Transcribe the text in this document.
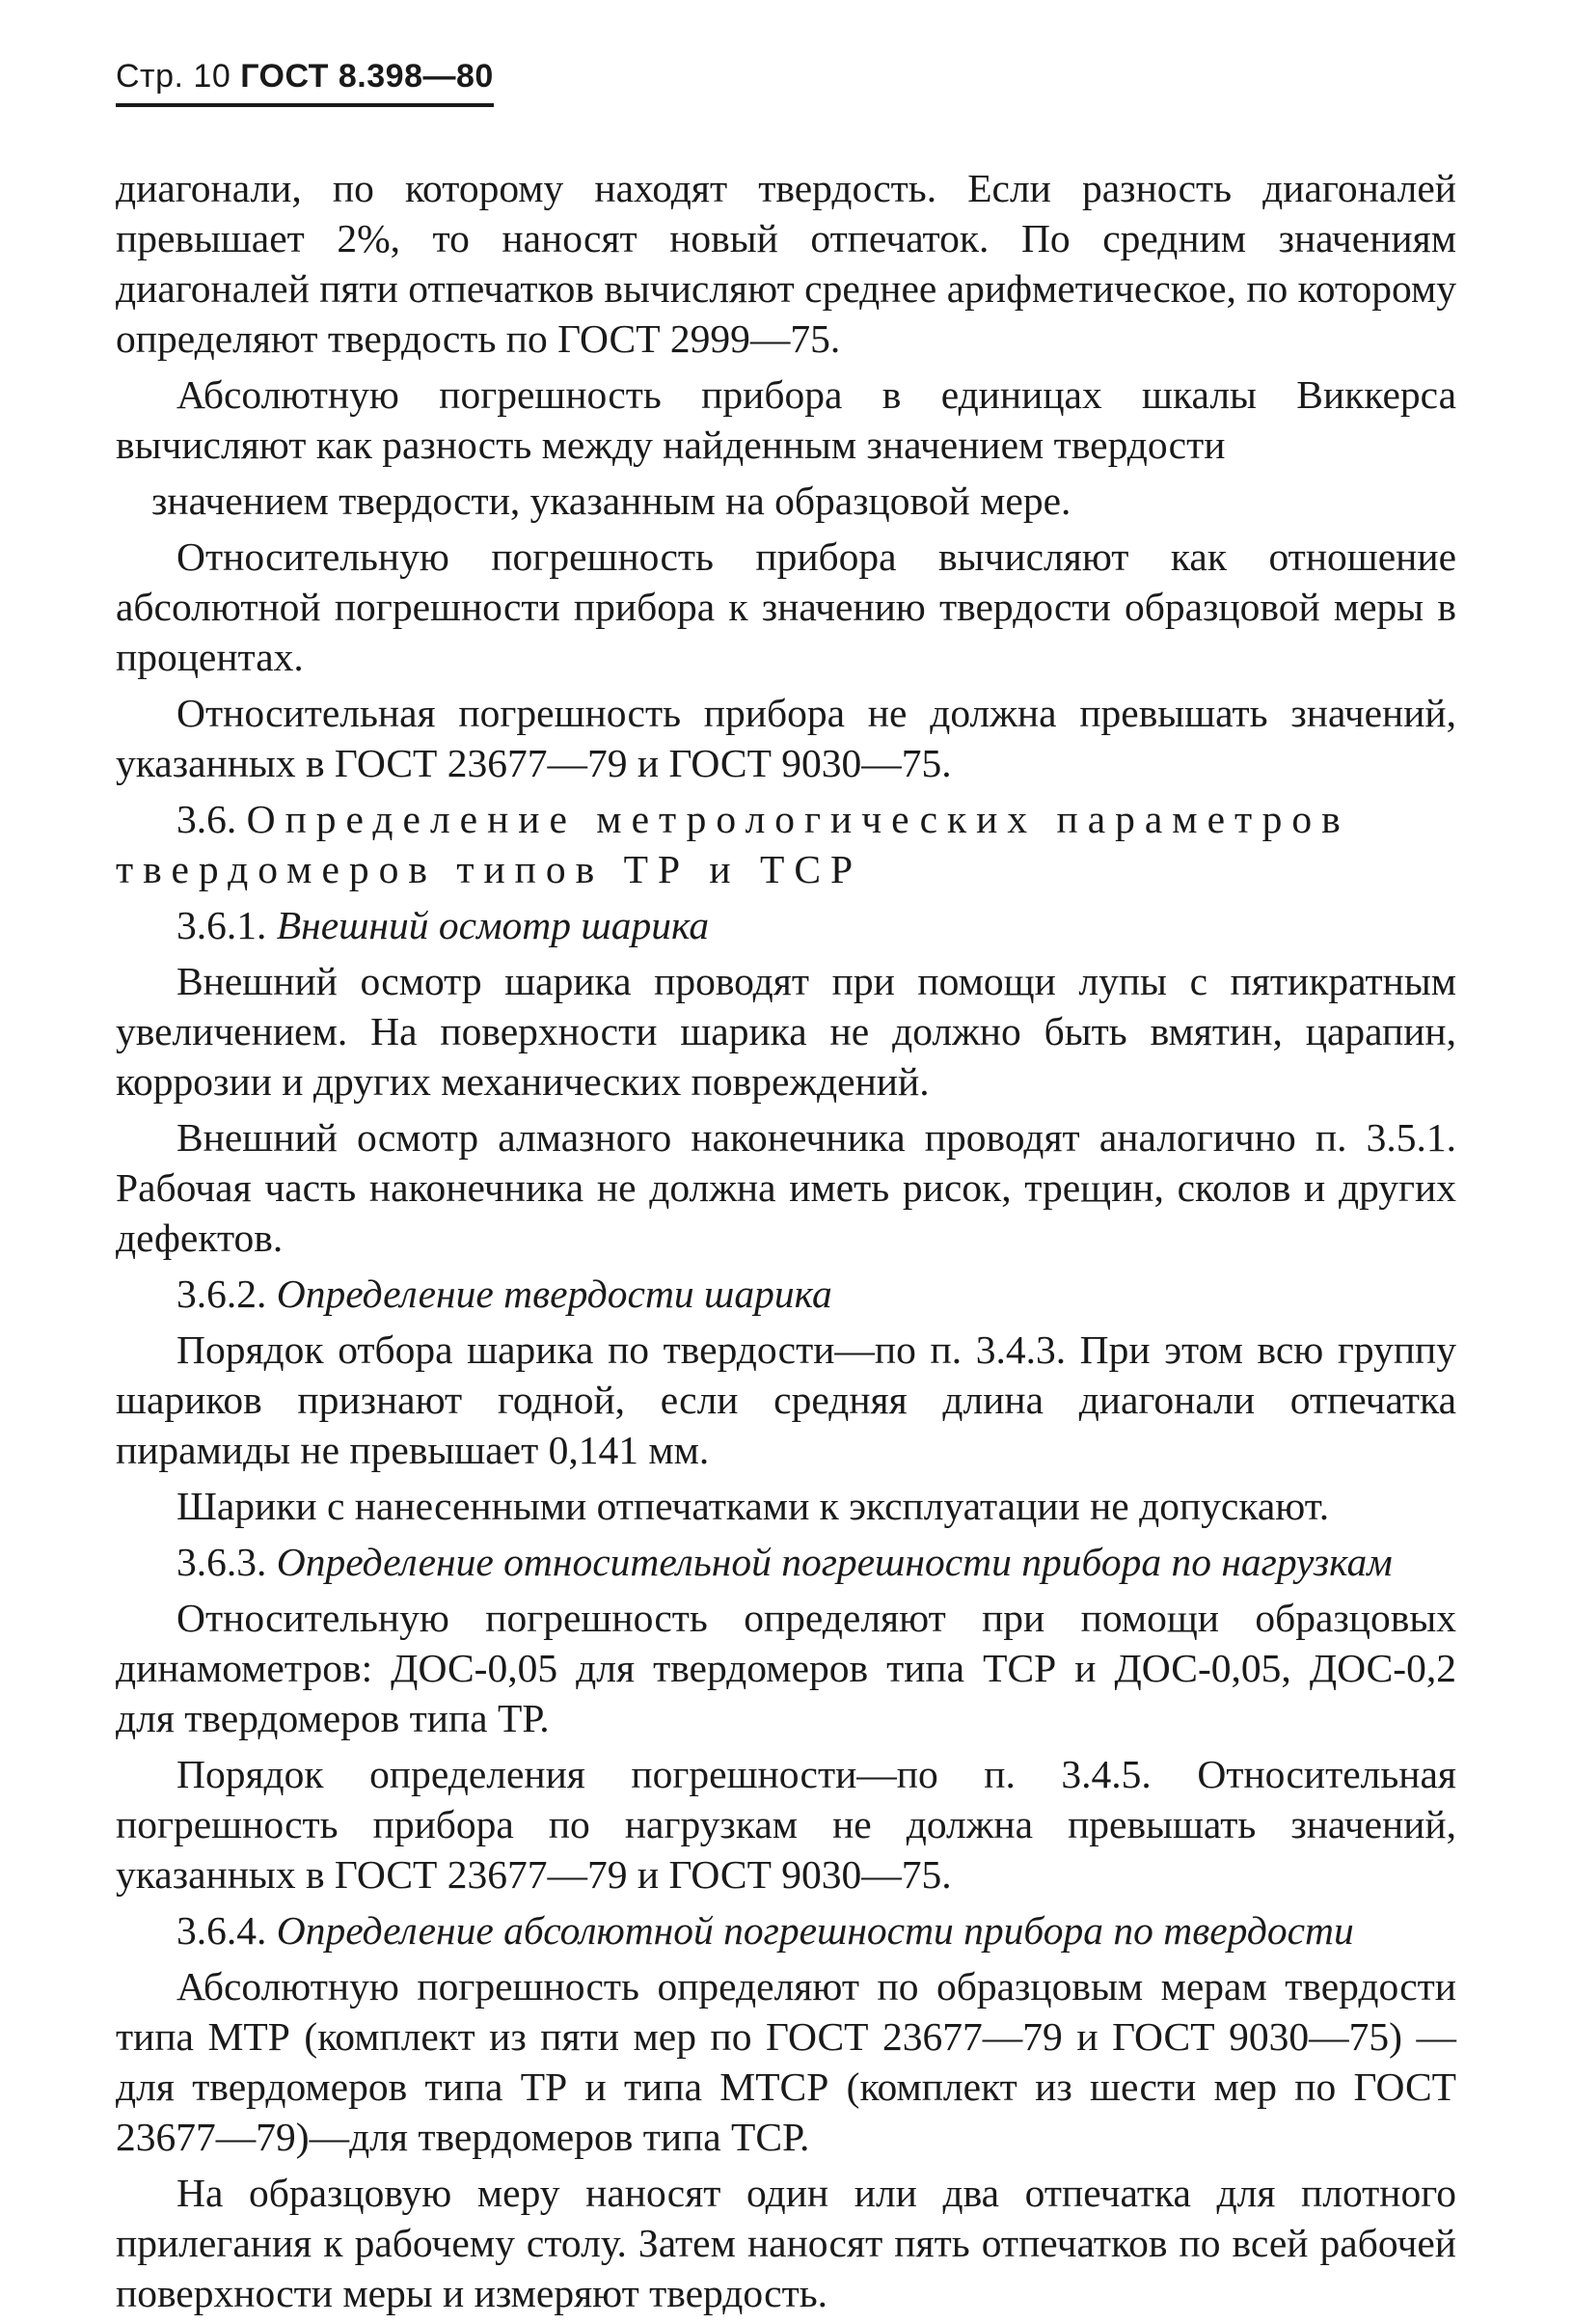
Стр. 10 ГОСТ 8.398—80

диагонали, по которому находят твердость. Если разность диагоналей превышает 2%, то наносят новый отпечаток. По средним значениям диагоналей пяти отпечатков вычисляют среднее арифметическое, по которому определяют твердость по ГОСТ 2999—75.

Абсолютную погрешность прибора в единицах шкалы Виккерса вычисляют как разность между найденным значением твердости

значением твердости, указанным на образцовой мере.

Относительную погрешность прибора вычисляют как отношение абсолютной погрешности прибора к значению твердости образцовой меры в процентах.

Относительная погрешность прибора не должна превышать значений, указанных в ГОСТ 23677—79 и ГОСТ 9030—75.

3.6. Определение метрологических параметров твердомеров типов ТР и ТСР

3.6.1. Внешний осмотр шарика

Внешний осмотр шарика проводят при помощи лупы с пятикратным увеличением. На поверхности шарика не должно быть вмятин, царапин, коррозии и других механических повреждений.

Внешний осмотр алмазного наконечника проводят аналогично п. 3.5.1. Рабочая часть наконечника не должна иметь рисок, трещин, сколов и других дефектов.

3.6.2. Определение твердости шарика

Порядок отбора шарика по твердости—по п. 3.4.3. При этом всю группу шариков признают годной, если средняя длина диагонали отпечатка пирамиды не превышает 0,141 мм.

Шарики с нанесенными отпечатками к эксплуатации не допускают.

3.6.3. Определение относительной погрешности прибора по нагрузкам

Относительную погрешность определяют при помощи образцовых динамометров: ДОС-0,05 для твердомеров типа ТСР и ДОС-0,05, ДОС-0,2 для твердомеров типа ТР.

Порядок определения погрешности—по п. 3.4.5. Относительная погрешность прибора по нагрузкам не должна превышать значений, указанных в ГОСТ 23677—79 и ГОСТ 9030—75.

3.6.4. Определение абсолютной погрешности прибора по твердости

Абсолютную погрешность определяют по образцовым мерам твердости типа МТР (комплект из пяти мер по ГОСТ 23677—79 и ГОСТ 9030—75) —для твердомеров типа ТР и типа МТСР (комплект из шести мер по ГОСТ 23677—79)—для твердомеров типа ТСР.

На образцовую меру наносят один или два отпечатка для плотного прилегания к рабочему столу. Затем наносят пять отпечатков по всей рабочей поверхности меры и измеряют твердость.
